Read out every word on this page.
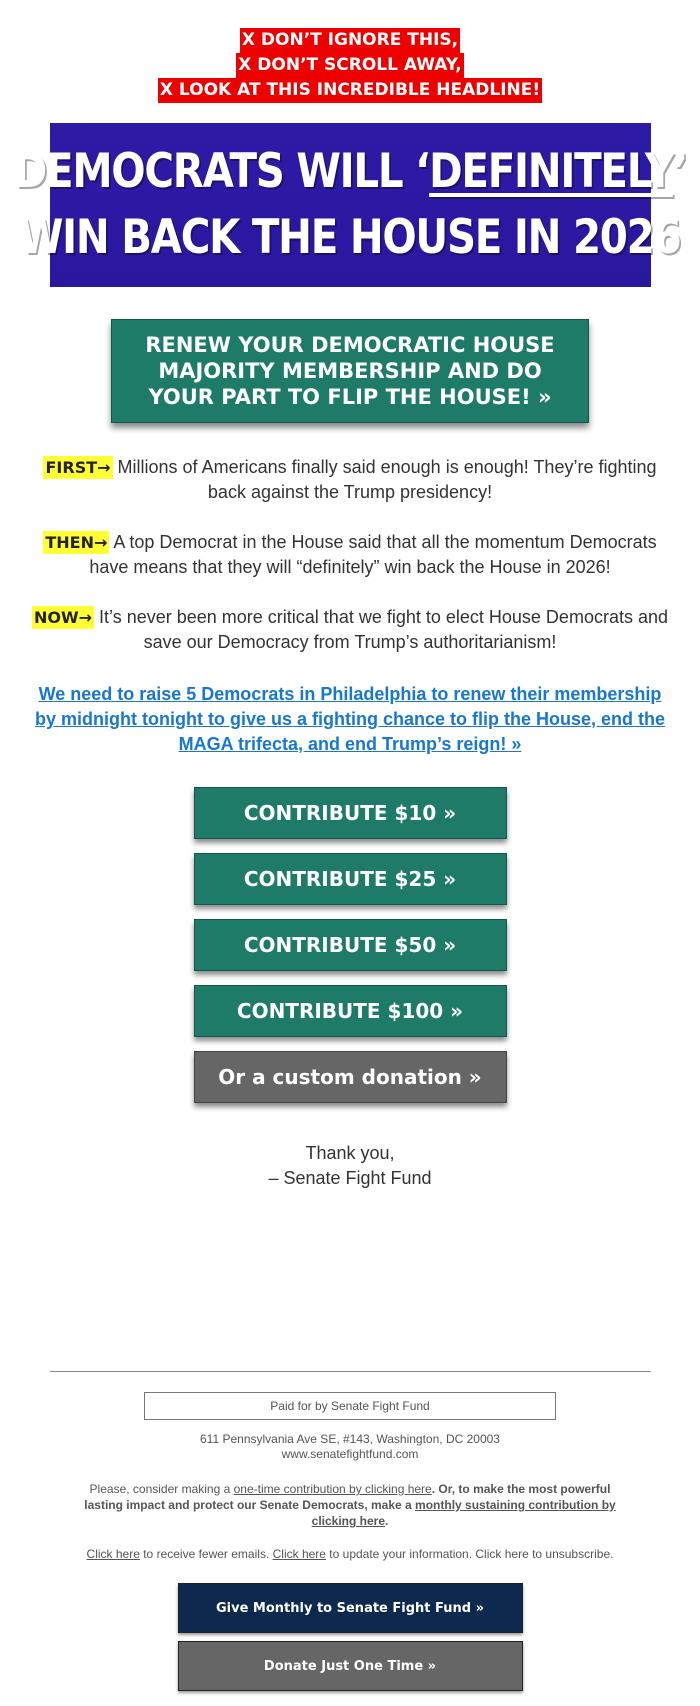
X DON’T IGNORE THIS,
X DON’T SCROLL AWAY,
X LOOK AT THIS INCREDIBLE HEADLINE!
DEMOCRATS WILL ‘DEFINITELY’
WIN BACK THE HOUSE IN 2026
RENEW YOUR DEMOCRATIC HOUSE MAJORITY MEMBERSHIP AND DO YOUR PART TO FLIP THE HOUSE! »
FIRST→ Millions of Americans finally said enough is enough! They’re fighting back against the Trump presidency!
THEN→ A top Democrat in the House said that all the momentum Democrats have means that they will “definitely” win back the House in 2026!
NOW→ It’s never been more critical that we fight to elect House Democrats and save our Democracy from Trump’s authoritarianism!
We need to raise 5 Democrats in Philadelphia to renew their membership by midnight tonight to give us a fighting chance to flip the House, end the MAGA trifecta, and end Trump’s reign! »
CONTRIBUTE $10 »
CONTRIBUTE $25 »
CONTRIBUTE $50 »
CONTRIBUTE $100 »
Or a custom donation »
Thank you,
– Senate Fight Fund
Paid for by Senate Fight Fund
611 Pennsylvania Ave SE, #143, Washington, DC 20003
www.senatefightfund.com
Please, consider making a one-time contribution by clicking here. Or, to make the most powerful lasting impact and protect our Senate Democrats, make a monthly sustaining contribution by clicking here.
Click here to receive fewer emails. Click here to update your information. Click here to unsubscribe.
Give Monthly to Senate Fight Fund »
Donate Just One Time »
